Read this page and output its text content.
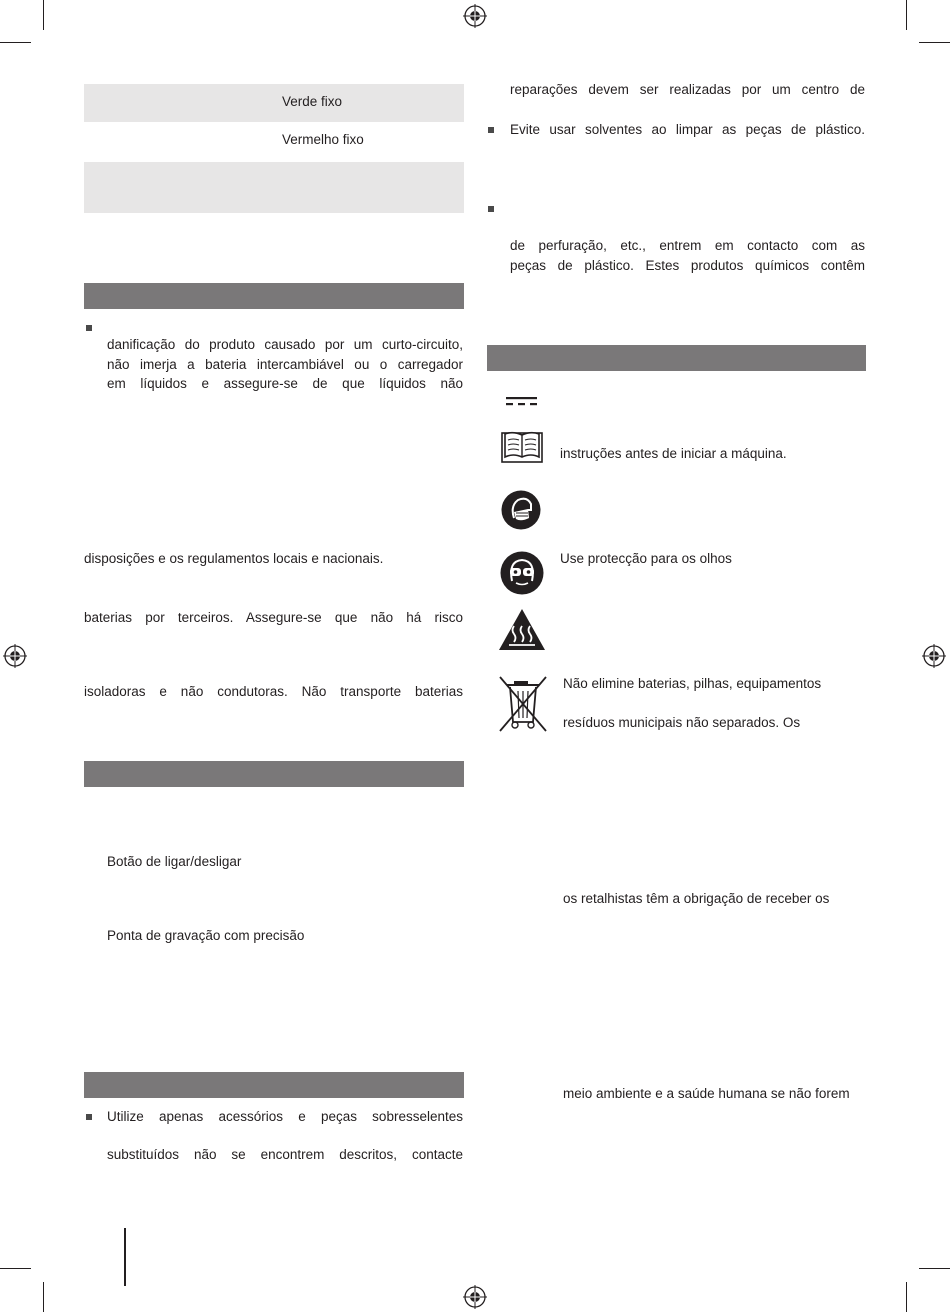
Verde fixo
Vermelho fixo
danificação do produto causado por um curto-circuito,
não imerja a bateria intercambiável ou o carregador
em líquidos e assegure-se de que líquidos não
disposições e os regulamentos locais e nacionais.
baterias por terceiros. Assegure-se que não há risco
isoladoras e não condutoras. Não transporte baterias
Botão de ligar/desligar
Ponta de gravação com precisão
Utilize apenas acessórios e peças sobresselentes
substituídos não se encontrem descritos, contacte
reparações devem ser realizadas por um centro de
Evite usar solventes ao limpar as peças de plástico.
de perfuração, etc., entrem em contacto com as
peças de plástico. Estes produtos químicos contêm
instruções antes de iniciar a máquina.
Use protecção para os olhos
Não elimine baterias, pilhas, equipamentos
resíduos municipais não separados. Os
os retalhistas têm a obrigação de receber os
meio ambiente e a saúde humana se não forem
